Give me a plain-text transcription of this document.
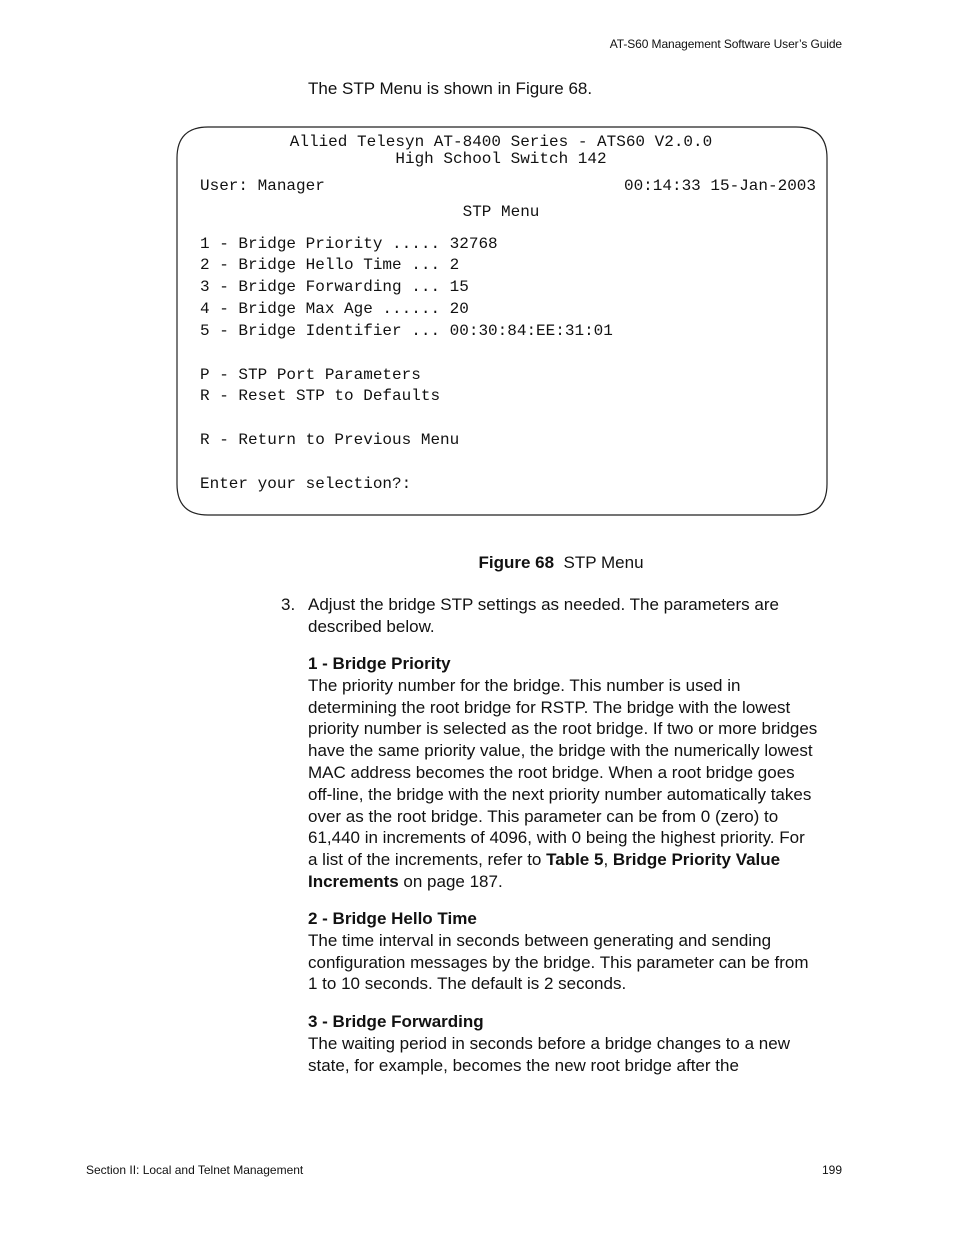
AT-S60 Management Software User’s Guide
The STP Menu is shown in Figure 68.
Allied Telesyn AT-8400 Series - ATS60 V2.0.0
High School Switch 142
User: Manager	00:14:33 15-Jan-2003
STP Menu
1 - Bridge Priority ..... 32768
2 - Bridge Hello Time ... 2
3 - Bridge Forwarding ... 15
4 - Bridge Max Age ...... 20
5 - Bridge Identifier ... 00:30:84:EE:31:01
P - STP Port Parameters
R - Reset STP to Defaults
R - Return to Previous Menu
Enter your selection?:
Figure 68 STP Menu
3. Adjust the bridge STP settings as needed. The parameters are described below.
1 - Bridge Priority
The priority number for the bridge. This number is used in determining the root bridge for RSTP. The bridge with the lowest priority number is selected as the root bridge. If two or more bridges have the same priority value, the bridge with the numerically lowest MAC address becomes the root bridge. When a root bridge goes off-line, the bridge with the next priority number automatically takes over as the root bridge. This parameter can be from 0 (zero) to 61,440 in increments of 4096, with 0 being the highest priority. For a list of the increments, refer to Table 5, Bridge Priority Value Increments on page 187.
2 - Bridge Hello Time
The time interval in seconds between generating and sending configuration messages by the bridge. This parameter can be from 1 to 10 seconds. The default is 2 seconds.
3 - Bridge Forwarding
The waiting period in seconds before a bridge changes to a new state, for example, becomes the new root bridge after the
Section II: Local and Telnet Management	199
